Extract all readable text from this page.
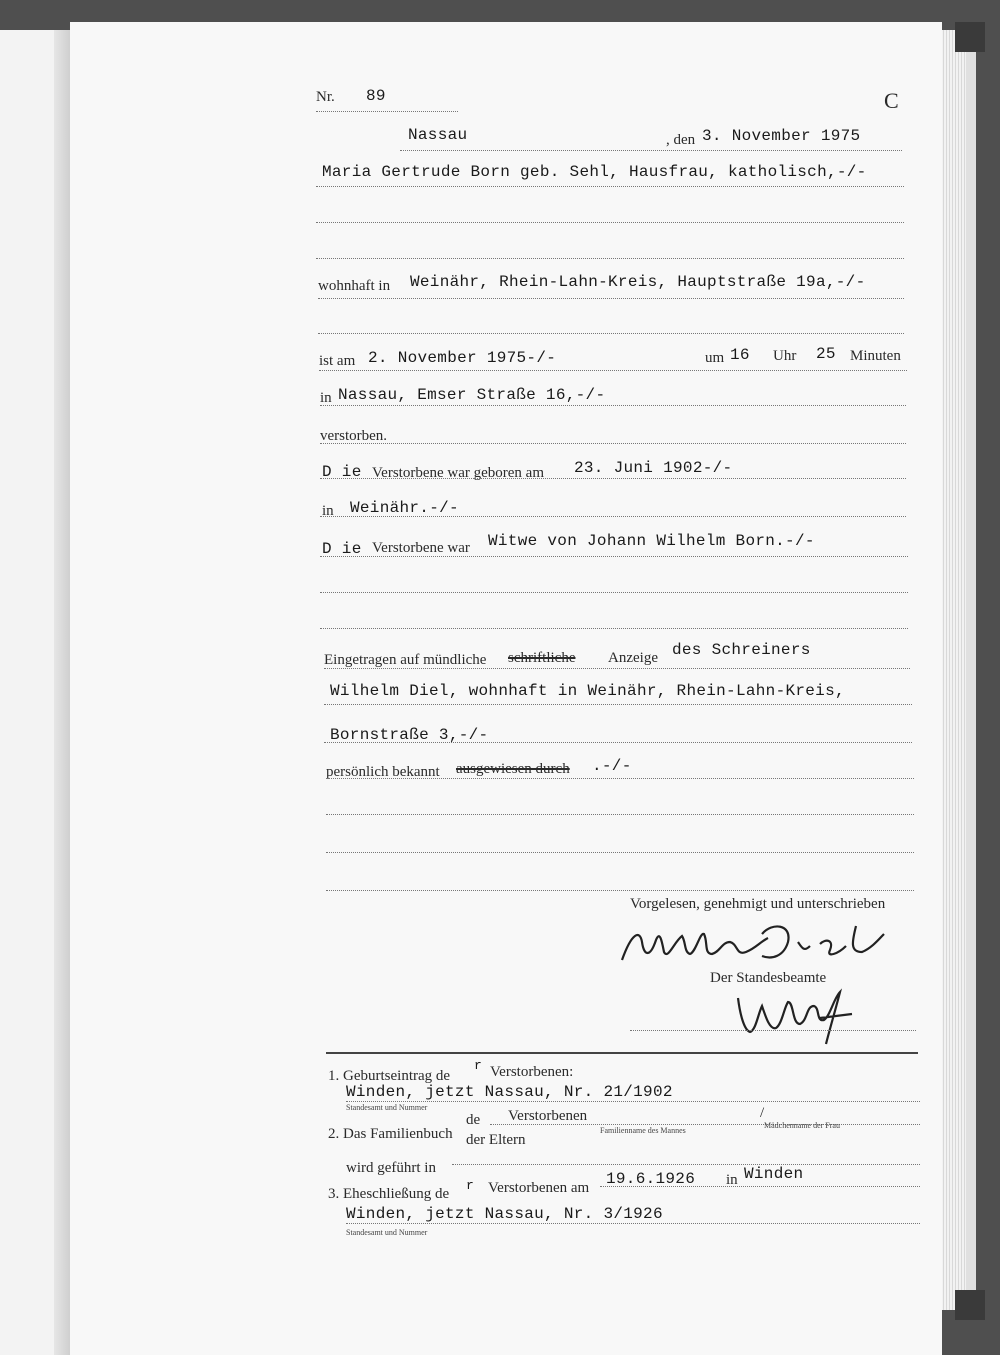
Nr. 89	C
Nassau	, den 3. November 1975
Maria Gertrude Born geb. Sehl, Hausfrau, katholisch,-/-
wohnhaft in Weinähr, Rhein-Lahn-Kreis, Hauptstraße 19a,-/-
ist am 2. November 1975-/-	um 16 Uhr 25 Minuten
in Nassau, Emser Straße 16,-/-
verstorben.
D ie Verstorbene war geboren am 23. Juni 1902-/-
in Weinähr.-/-
D ie Verstorbene war Witwe von Johann Wilhelm Born.-/-
Eingetragen auf mündliche schriftliche Anzeige des Schreiners
Wilhelm Diel, wohnhaft in Weinähr, Rhein-Lahn-Kreis,
Bornstraße 3,-/-
persönlich bekannt ausgewiesen durch .-/-
Vorgelesen, genehmigt und unterschrieben
Der Standesbeamte
1. Geburtseintrag de
r Verstorbenen:
Winden, jetzt Nassau, Nr. 21/1902
Standesamt und Nummer
2. Das Familienbuch
de Verstorbenen
der Eltern
Familienname des Mannes
/
Mädchenname der Frau
wird geführt in
3. Eheschließung de
r Verstorbenen am 19.6.1926 in Winden
Winden, jetzt Nassau, Nr. 3/1926
Standesamt und Nummer
